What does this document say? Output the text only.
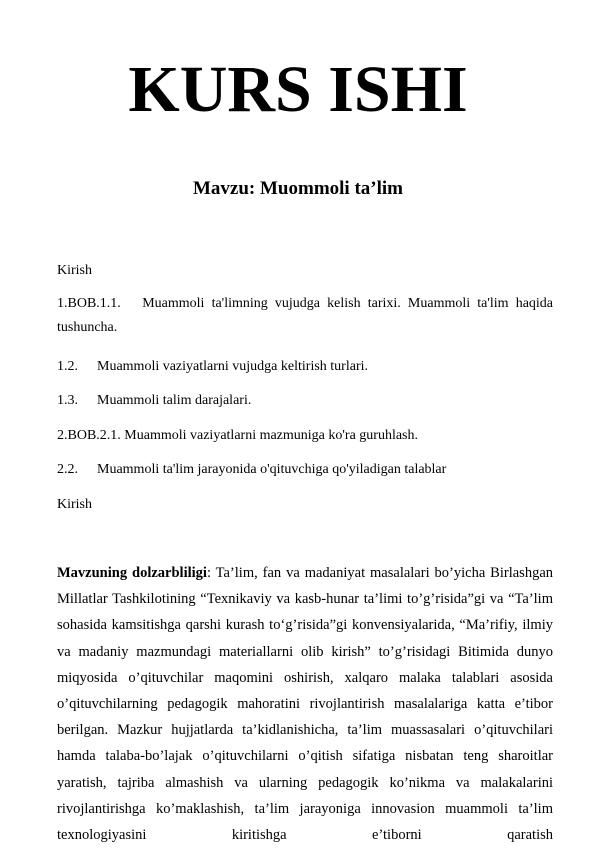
KURS ISHI
Mavzu: Muommoli ta’lim
Kirish
1.BOB.1.1. Muammoli ta'limning vujudga kelish tarixi. Muammoli ta'lim haqida tushuncha.
1.2. Muammoli vaziyatlarni vujudga keltirish turlari.
1.3. Muammoli talim darajalari.
2.BOB.2.1. Muammoli vaziyatlarni mazmuniga ko'ra guruhlash.
2.2. Muammoli ta'lim jarayonida o'qituvchiga qo'yiladigan talablar
Kirish
Mavzuning dolzarbliligi: Ta’lim, fan va madaniyat masalalari bo’yicha Birlashgan Millatlar Tashkilotining “Texnikaviy va kasb-hunar ta’limi to’g’risida”gi va “Ta’lim sohasida kamsitishga qarshi kurash to‘g’risida”gi konvensiyalarida, “Ma’rifiy, ilmiy va madaniy mazmundagi materiallarni olib kirish” to’g’risidagi Bitimida dunyo miqyosida o’qituvchilar maqomini oshirish, xalqaro malaka talablari asosida o’qituvchilarning pedagogik mahoratini rivojlantirish masalalariga katta e’tibor berilgan. Mazkur hujjatlarda ta’kidlanishicha, ta’lim muassasalari o’qituvchilari hamda talaba-bo’lajak o’qituvchilarni o’qitish sifatiga nisbatan teng sharoitlar yaratish, tajriba almashish va ularning pedagogik ko’nikma va malakalarini rivojlantirishga ko’maklashish, ta’lim jarayoniga innovasion muammoli ta’lim texnologiyasini kiritishga e’tiborni qaratish
